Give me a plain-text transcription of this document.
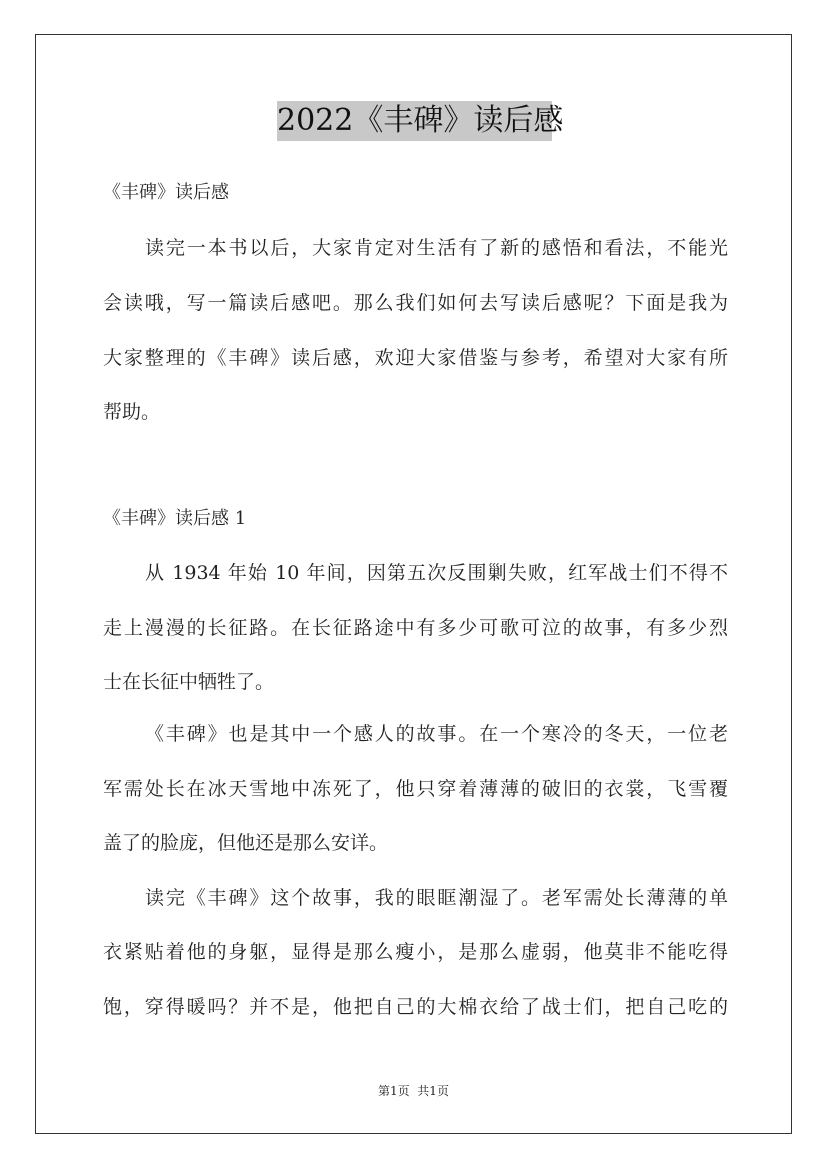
2022《丰碑》读后感
《丰碑》读后感
读完一本书以后，大家肯定对生活有了新的感悟和看法，不能光
会读哦，写一篇读后感吧。那么我们如何去写读后感呢？下面是我为
大家整理的《丰碑》读后感，欢迎大家借鉴与参考，希望对大家有所
帮助。
《丰碑》读后感 1
从 1934 年始 10 年间，因第五次反围剿失败，红军战士们不得不
走上漫漫的长征路。在长征路途中有多少可歌可泣的故事，有多少烈
士在长征中牺牲了。
《丰碑》也是其中一个感人的故事。在一个寒冷的冬天，一位老
军需处长在冰天雪地中冻死了，他只穿着薄薄的破旧的衣裳，飞雪覆
盖了的脸庞，但他还是那么安详。
读完《丰碑》这个故事，我的眼眶潮湿了。老军需处长薄薄的单
衣紧贴着他的身躯，显得是那么瘦小，是那么虚弱，他莫非不能吃得
饱，穿得暖吗？并不是，他把自己的大棉衣给了战士们，把自己吃的
第1页  共1页
